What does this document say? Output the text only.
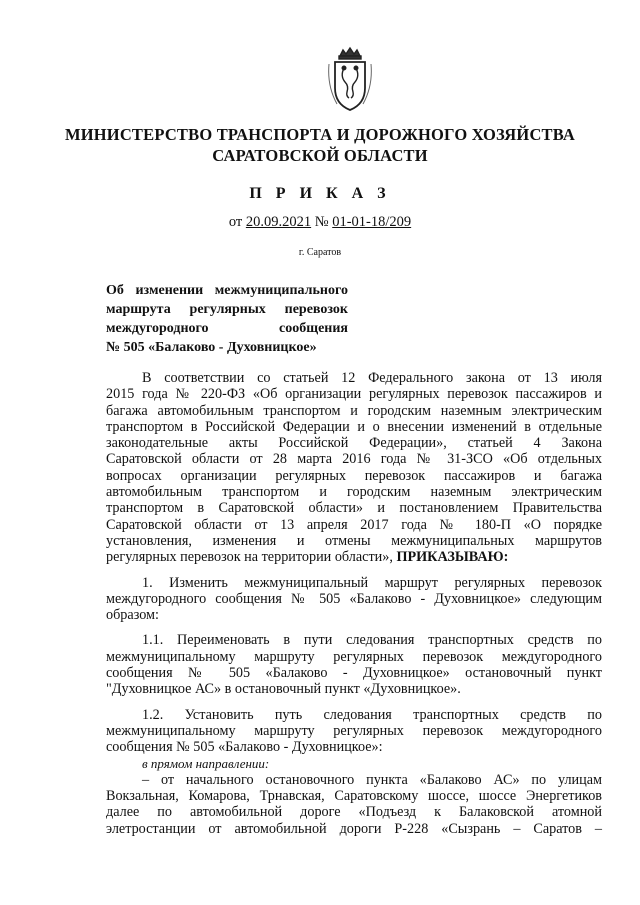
МИНИСТЕРСТВО ТРАНСПОРТА И ДОРОЖНОГО ХОЗЯЙСТВА
САРАТОВСКОЙ ОБЛАСТИ
П Р И К А З
от 20.09.2021 № 01-01-18/209
г. Саратов
Об изменении межмуниципального
маршрута регулярных перевозок
междугородного сообщения
№ 505 «Балаково - Духовницкое»
В соответствии со статьей 12 Федерального закона от 13 июля
2015 года № 220-ФЗ «Об организации регулярных перевозок пассажиров и
багажа автомобильным транспортом и городским наземным электрическим
транспортом в Российской Федерации и о внесении изменений в отдельные
законодательные акты Российской Федерации», статьей 4 Закона
Саратовской области от 28 марта 2016 года № 31-ЗСО «Об отдельных
вопросах организации регулярных перевозок пассажиров и багажа
автомобильным транспортом и городским наземным электрическим
транспортом в Саратовской области» и постановлением Правительства
Саратовской области от 13 апреля 2017 года № 180-П «О порядке
установления, изменения и отмены межмуниципальных маршрутов
регулярных перевозок на территории области», ПРИКАЗЫВАЮ:
1. Изменить межмуниципальный маршрут регулярных перевозок
междугородного сообщения № 505 «Балаково - Духовницкое» следующим
образом:
1.1. Переименовать в пути следования транспортных средств по
межмуниципальному маршруту регулярных перевозок междугородного
сообщения № 505 «Балаково - Духовницкое» остановочный пункт
"Духовницкое АС» в остановочный пункт «Духовницкое».
1.2. Установить путь следования транспортных средств по
межмуниципальному маршруту регулярных перевозок междугородного
сообщения № 505 «Балаково - Духовницкое»:
в прямом направлении:
– от начального остановочного пункта «Балаково АС» по улицам
Вокзальная, Комарова, Трнавская, Саратовскому шоссе, шоссе Энергетиков
далее по автомобильной дороге «Подъезд к Балаковской атомной
элетростанции от автомобильной дороги Р-228 «Сызрань – Саратов –
